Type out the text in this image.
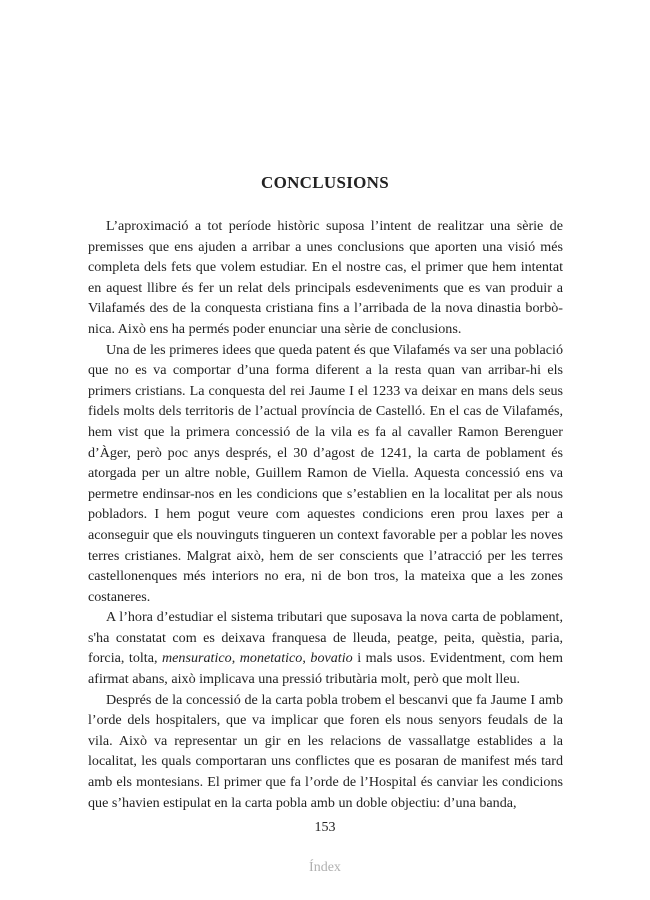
CONCLUSIONS

L’aproximació a tot període històric suposa l’intent de realitzar una sèrie de premisses que ens ajuden a arribar a unes conclusions que aporten una visió més completa dels fets que volem estudiar. En el nostre cas, el primer que hem intentat en aquest llibre és fer un relat dels principals esdeveniments que es van produir a Vilafamés des de la conquesta cristiana fins a l’arribada de la nova dinastia borbònica. Això ens ha permés poder enunciar una sèrie de conclusions.

Una de les primeres idees que queda patent és que Vilafamés va ser una població que no es va comportar d’una forma diferent a la resta quan van arribar-hi els primers cristians. La conquesta del rei Jaume I el 1233 va deixar en mans dels seus fidels molts dels territoris de l’actual província de Castelló. En el cas de Vilafamés, hem vist que la primera concessió de la vila es fa al cavaller Ramon Berenguer d’Àger, però poc anys després, el 30 d’agost de 1241, la carta de poblament és atorgada per un altre noble, Guillem Ramon de Viella. Aquesta concessió ens va permetre endinsar-nos en les condicions que s’establien en la localitat per als nous pobladors. I hem pogut veure com aquestes condicions eren prou laxes per a aconseguir que els nouvinguts tingueren un context favorable per a poblar les noves terres cristianes. Malgrat això, hem de ser conscients que l’atracció per les terres castellonenques més interiors no era, ni de bon tros, la mateixa que a les zones costaneres.

A l’hora d’estudiar el sistema tributari que suposava la nova carta de poblament, s'ha constatat com es deixava franquesa de lleuda, peatge, peita, quèstia, paria, forcia, tolta, mensuratico, monetatico, bovatio i mals usos. Evidentment, com hem afirmat abans, això implicava una pressió tributària molt, però que molt lleu.

Després de la concessió de la carta pobla trobem el bescanvi que fa Jaume I amb l’orde dels hospitalers, que va implicar que foren els nous senyors feudals de la vila. Això va representar un gir en les relacions de vassallatge establides a la localitat, les quals comportaran uns conflictes que es posaran de manifest més tard amb els montesians. El primer que fa l’orde de l’Hospital és canviar les condicions que s’havien estipulat en la carta pobla amb un doble objectiu: d’una banda,

153
Índex
